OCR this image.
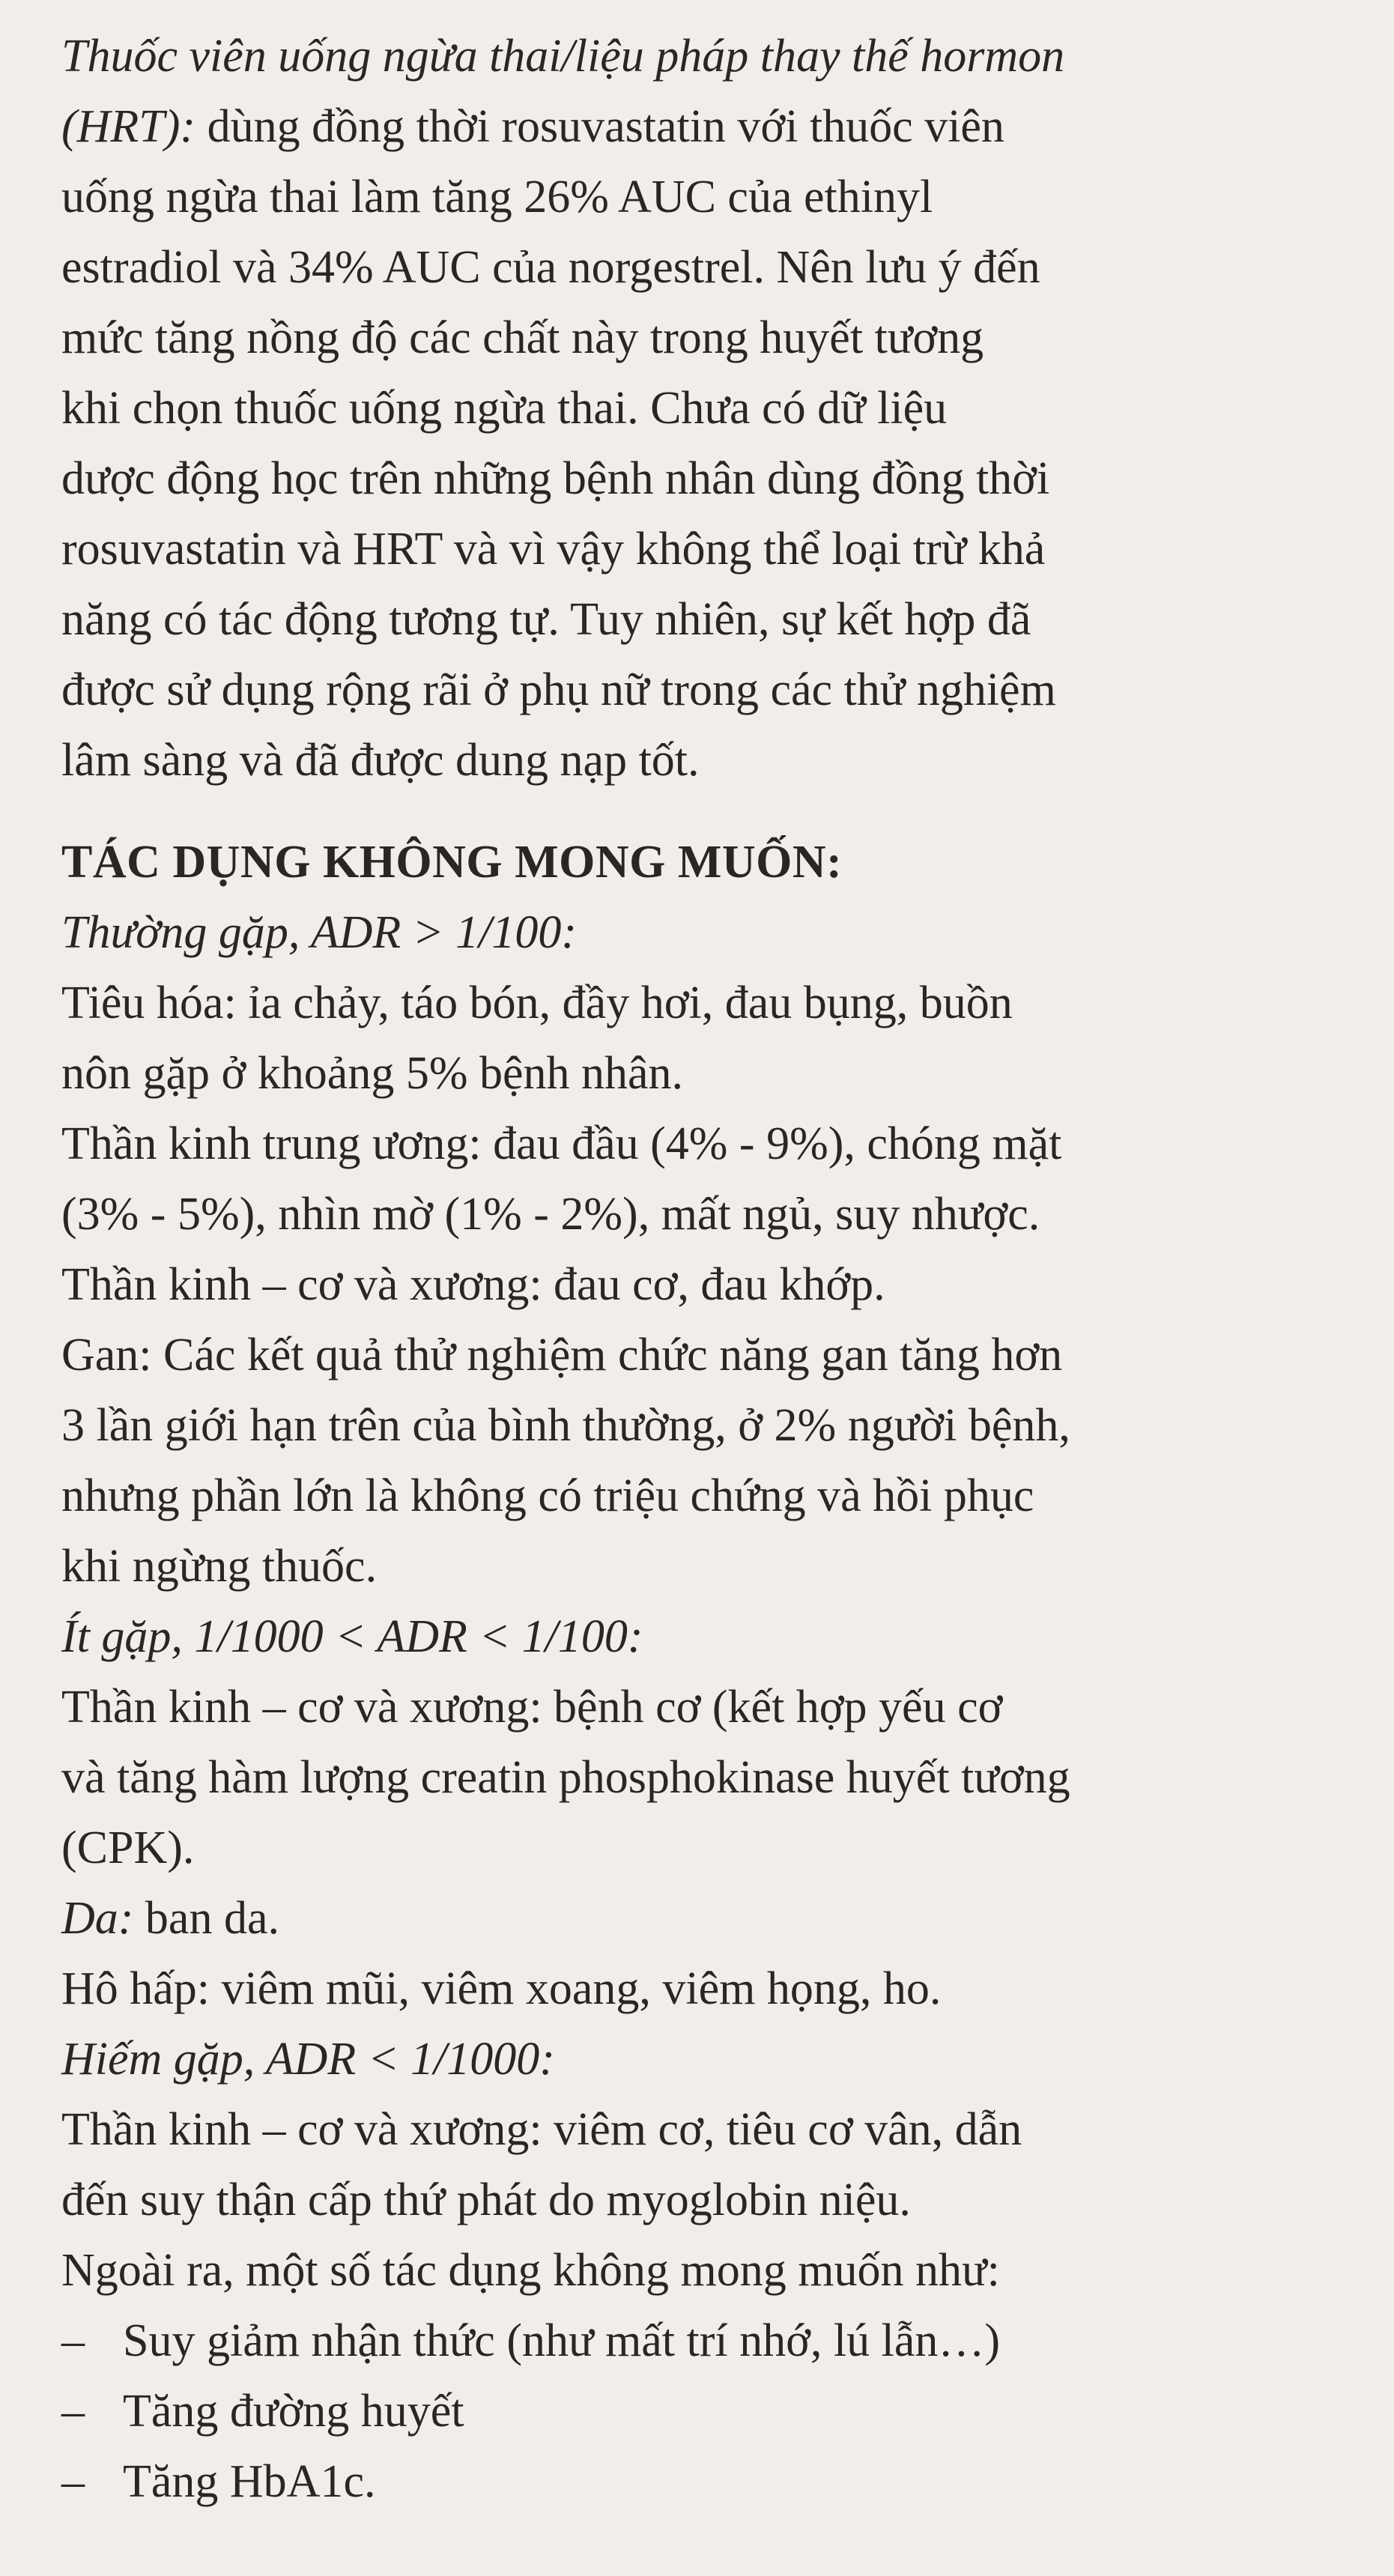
Thuốc viên uống ngừa thai/liệu pháp thay thế hormon
(HRT): dùng đồng thời rosuvastatin với thuốc viên
uống ngừa thai làm tăng 26% AUC của ethinyl
estradiol và 34% AUC của norgestrel. Nên lưu ý đến
mức tăng nồng độ các chất này trong huyết tương
khi chọn thuốc uống ngừa thai. Chưa có dữ liệu
dược động học trên những bệnh nhân dùng đồng thời
rosuvastatin và HRT và vì vậy không thể loại trừ khả
năng có tác động tương tự. Tuy nhiên, sự kết hợp đã
được sử dụng rộng rãi ở phụ nữ trong các thử nghiệm
lâm sàng và đã được dung nạp tốt.
TÁC DỤNG KHÔNG MONG MUỐN:
Thường gặp, ADR > 1/100:
Tiêu hóa: ỉa chảy, táo bón, đầy hơi, đau bụng, buồn
nôn gặp ở khoảng 5% bệnh nhân.
Thần kinh trung ương: đau đầu (4% - 9%), chóng mặt
(3% - 5%), nhìn mờ (1% - 2%), mất ngủ, suy nhược.
Thần kinh – cơ và xương: đau cơ, đau khớp.
Gan: Các kết quả thử nghiệm chức năng gan tăng hơn
3 lần giới hạn trên của bình thường, ở 2% người bệnh,
nhưng phần lớn là không có triệu chứng và hồi phục
khi ngừng thuốc.
Ít gặp, 1/1000 < ADR < 1/100:
Thần kinh – cơ và xương: bệnh cơ (kết hợp yếu cơ
và tăng hàm lượng creatin phosphokinase huyết tương
(CPK).
Da: ban da.
Hô hấp: viêm mũi, viêm xoang, viêm họng, ho.
Hiếm gặp, ADR < 1/1000:
Thần kinh – cơ và xương: viêm cơ, tiêu cơ vân, dẫn
đến suy thận cấp thứ phát do myoglobin niệu.
Ngoài ra, một số tác dụng không mong muốn như:
– Suy giảm nhận thức (như mất trí nhớ, lú lẫn…)
– Tăng đường huyết
– Tăng HbA1c.
